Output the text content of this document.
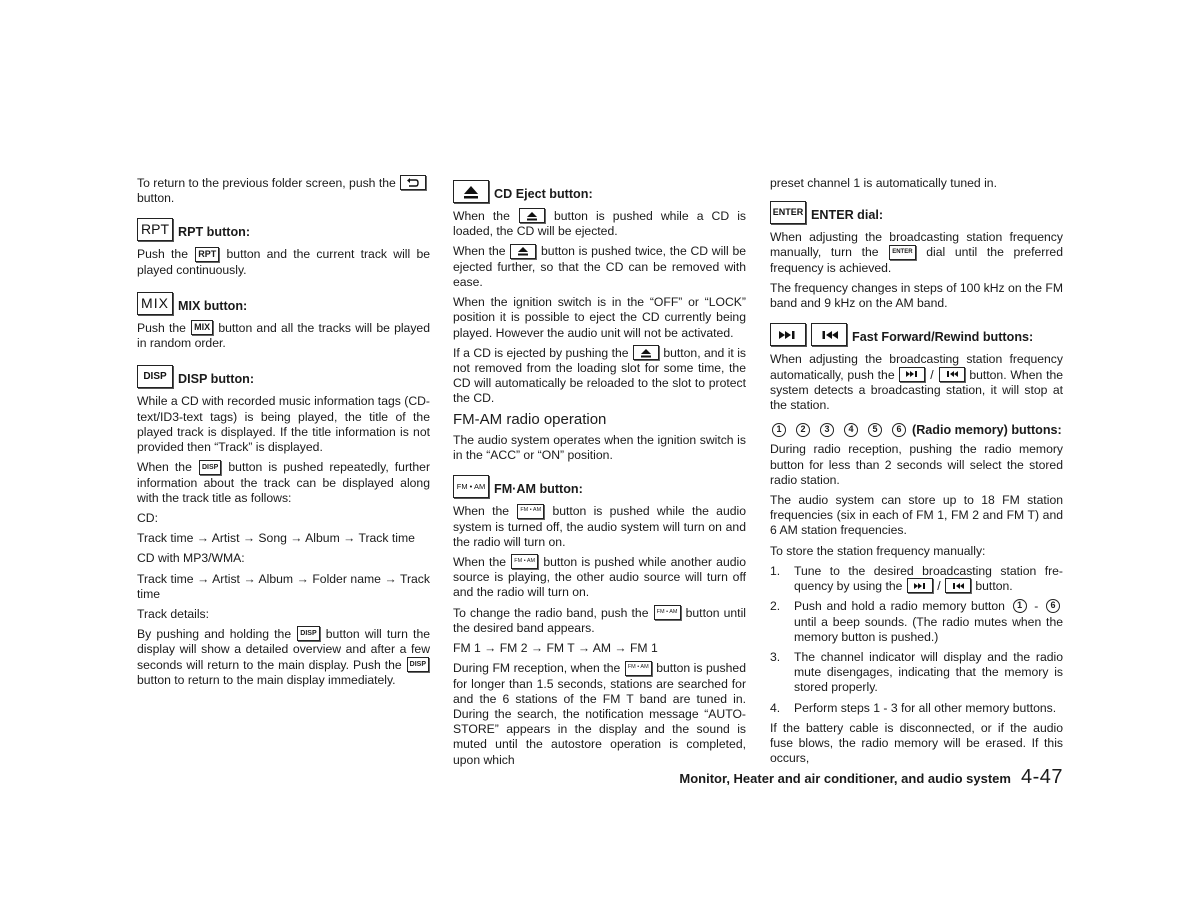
To return to the previous folder screen, push the

button.

RPT RPT button:

Push the RPT button and the current track will be played continuously.

MIX MIX button:

Push the MIX button and all the tracks will be played in random order.

DISP DISP button:

While a CD with recorded music information tags (CD-text/ID3-text tags) is being played, the title of the played track is displayed. If the title information is not provided then “Track” is displayed.

When the DISP button is pushed repeatedly, further information about the track can be displayed along with the track title as follows:

CD:

Track time → Artist → Song → Album → Track time

CD with MP3/WMA:

Track time → Artist → Album → Folder name → Track time

Track details:

By pushing and holding the DISP button will turn the display will show a detailed overview and after a few seconds will return to the main display. Push the DISP button to return to the main display immediately.

CD Eject button:

When the	button is pushed while a CD is loaded, the CD will be ejected.

When the	button is pushed twice, the CD will be ejected further, so that the CD can be removed with ease.

When the ignition switch is in the “OFF” or “LOCK” position it is possible to eject the CD currently being played. However the audio unit will not be activated.

If a CD is ejected by pushing the	button, and it is not removed from the loading slot for some time, the CD will automatically be reloaded to the slot to protect the CD.

FM-AM radio operation

The audio system operates when the ignition switch is in the “ACC” or “ON” position.

FM • AM FM·AM button:

When the FM • AM button is pushed while the audio system is turned off, the audio system will turn on and the radio will turn on.

When the FM • AM button is pushed while another audio source is playing, the other audio source will turn off and the radio will turn on.

To change the radio band, push the FM • AM button until the desired band appears.

FM 1 → FM 2 → FM T → AM → FM 1

During FM reception, when the FM • AM button is pushed for longer than 1.5 seconds, stations are searched for and the 6 stations of the FM T band are tuned in. During the search, the notification message “AUTO-STORE” appears in the display and the sound is muted until the autostore operation is completed, upon which

preset channel 1 is automatically tuned in.

ENTER ENTER dial:

When adjusting the broadcasting station frequency manually, turn the ENTER dial until the preferred frequency is achieved.

The frequency changes in steps of 100 kHz on the FM band and 9 kHz on the AM band.

Fast Forward/Rewind buttons:

When adjusting the broadcasting station frequency automatically, push the	/	button. When the system detects a broadcasting station, it will stop at the station.

1 2 3 4 5 6 (Radio memory) buttons:

During radio reception, pushing the radio memory button for less than 2 seconds will select the stored radio station.

The audio system can store up to 18 FM station frequencies (six in each of FM 1, FM 2 and FM T) and 6 AM station frequencies.

To store the station frequency manually:

1.	Tune to the desired broadcasting station fre-quency by using the	/	button.
2.	Push and hold a radio memory button 1 - 6 until a beep sounds. (The radio mutes when the memory button is pushed.)
3.	The channel indicator will display and the radio mute disengages, indicating that the memory is stored properly.
4.	Perform steps 1 - 3 for all other memory buttons.

If the battery cable is disconnected, or if the audio fuse blows, the radio memory will be erased. If this occurs,

Monitor, Heater and air conditioner, and audio system 4-47
